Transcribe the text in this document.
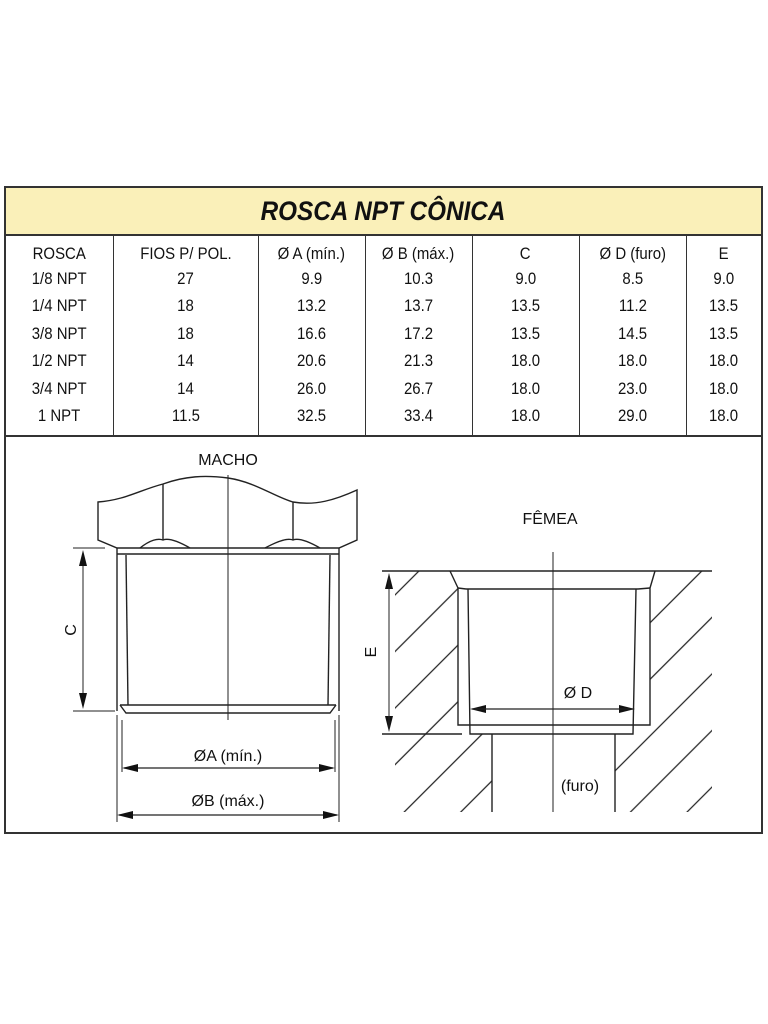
ROSCA NPT CÔNICA
ROSCA	FIOS P/ POL.	Ø A (mín.)	Ø B (máx.)	C	Ø D (furo)	E
1/8 NPT	27	9.9	10.3	9.0	8.5	9.0
1/4 NPT	18	13.2	13.7	13.5	11.2	13.5
3/8 NPT	18	16.6	17.2	13.5	14.5	13.5
1/2 NPT	14	20.6	21.3	18.0	18.0	18.0
3/4 NPT	14	26.0	26.7	18.0	23.0	18.0
1 NPT	11.5	32.5	33.4	18.0	29.0	18.0
MACHO
FÊMEA
C
ØA (mín.)
ØB (máx.)
E
Ø D
(furo)
